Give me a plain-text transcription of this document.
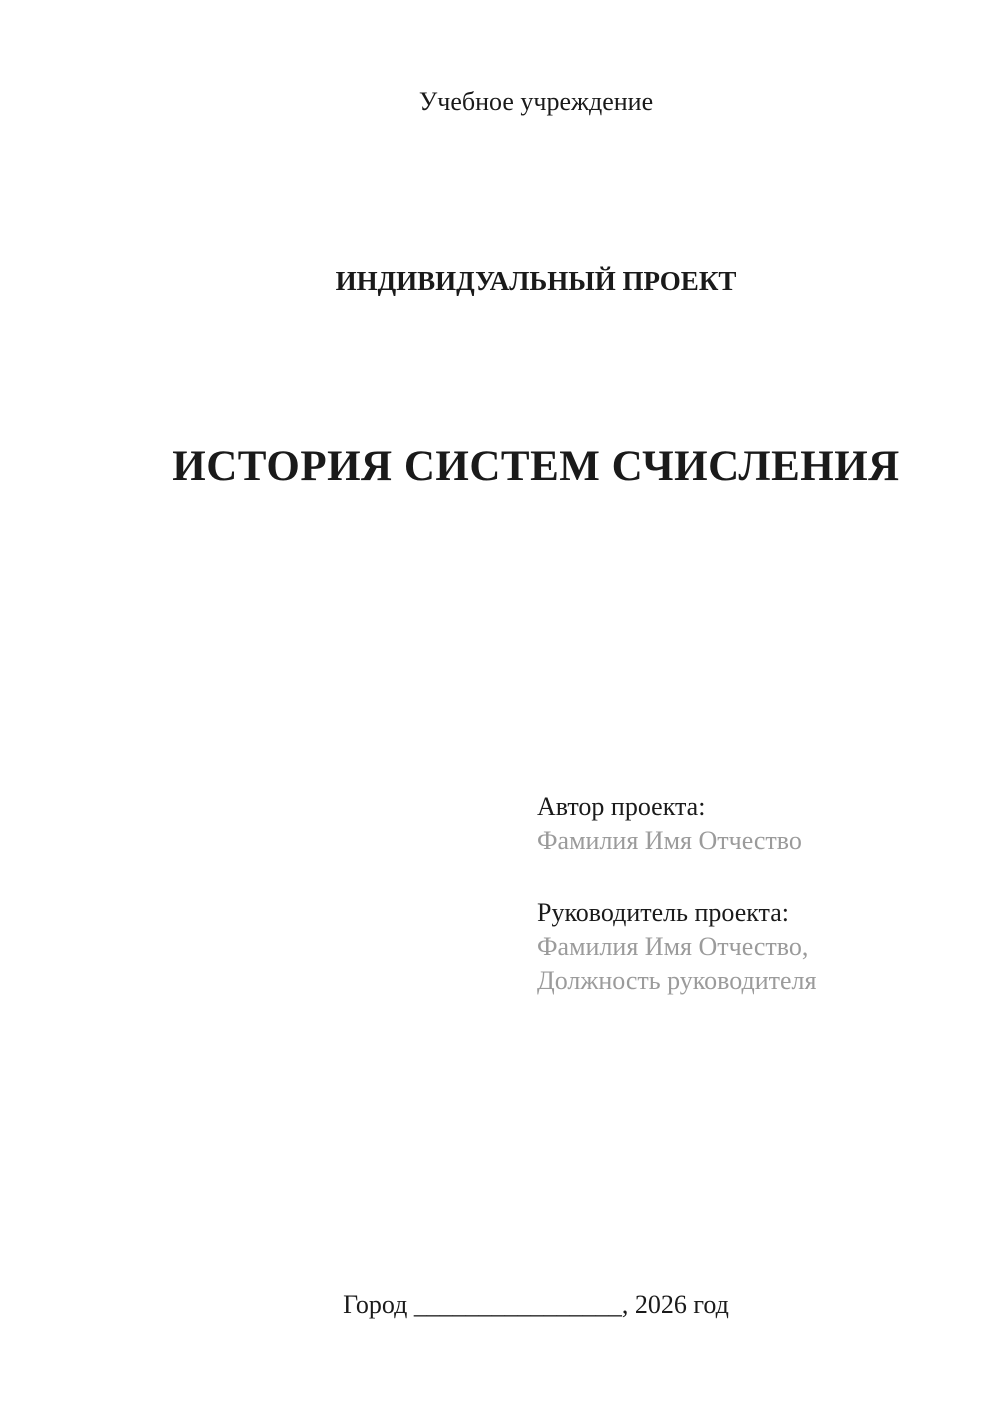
Учебное учреждение
ИНДИВИДУАЛЬНЫЙ ПРОЕКТ
ИСТОРИЯ СИСТЕМ СЧИСЛЕНИЯ
Автор проекта:
Фамилия Имя Отчество
Руководитель проекта:
Фамилия Имя Отчество,
Должность руководителя
Город ________________, 2026 год
